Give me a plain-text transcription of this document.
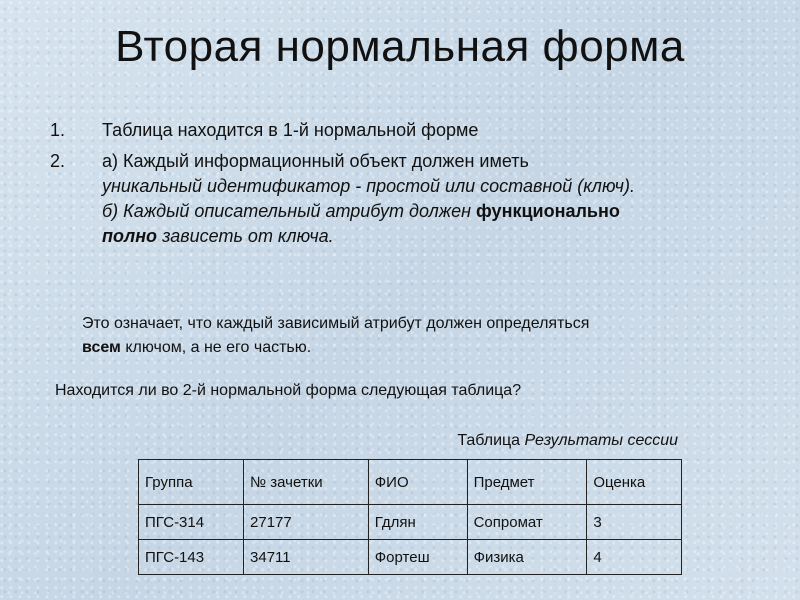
Вторая нормальная форма
1. Таблица находится в 1-й нормальной форме
2. а) Каждый информационный объект должен иметь
уникальный идентификатор - простой или составной (ключ).
б) Каждый описательный атрибут должен функционально
полно зависеть от ключа.
Это означает, что каждый зависимый атрибут должен определяться
всем ключом, а не его частью.
Находится ли во 2-й нормальной форма следующая таблица?
Таблица Результаты сессии
Группа	№ зачетки	ФИО	Предмет	Оценка
ПГС-314	27177	Гдлян	Сопромат	3
ПГС-143	34711	Фортеш	Физика	4
